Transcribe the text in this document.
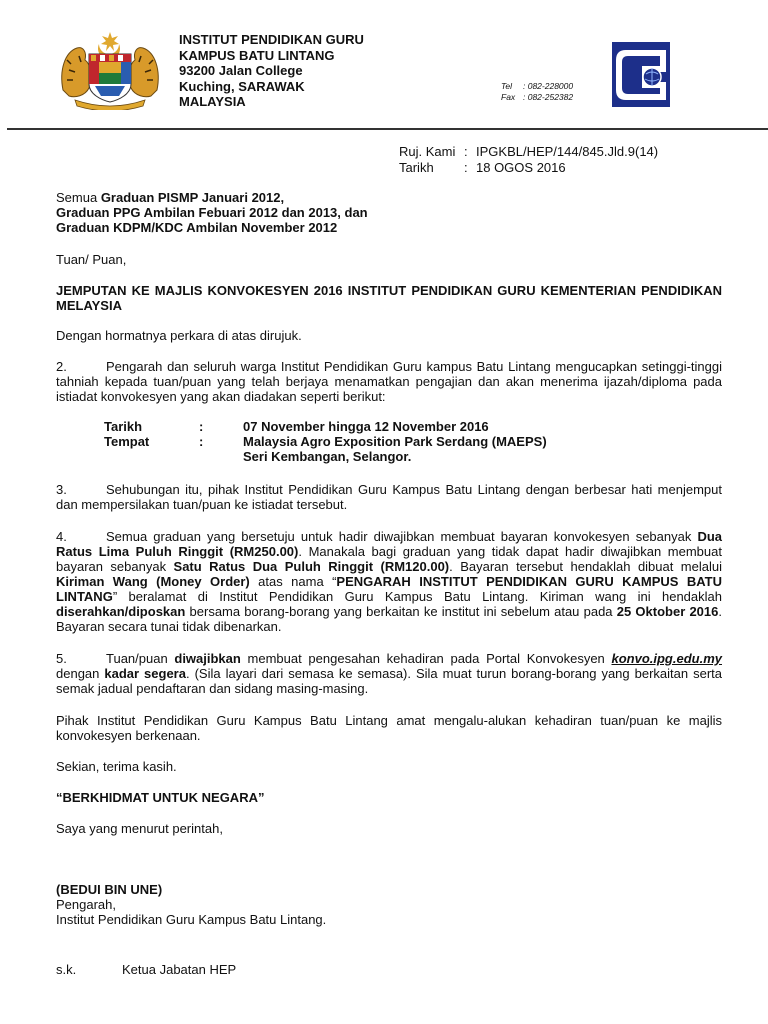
INSTITUT PENDIDIKAN GURU
KAMPUS BATU LINTANG
93200 Jalan College
Kuching, SARAWAK
MALAYSIA
Tel : 082-228000
Fax : 082-252382
Ruj. Kami : IPGKBL/HEP/144/845.Jld.9(14)
Tarikh : 18 OGOS 2016
Semua Graduan PISMP Januari 2012,
Graduan PPG Ambilan Febuari 2012 dan 2013, dan
Graduan KDPM/KDC Ambilan November 2012
Tuan/ Puan,
JEMPUTAN KE MAJLIS KONVOKESYEN 2016 INSTITUT PENDIDIKAN GURU KEMENTERIAN PENDIDIKAN MELAYSIA
Dengan hormatnya perkara di atas dirujuk.
2.	Pengarah dan seluruh warga Institut Pendidikan Guru kampus Batu Lintang mengucapkan setinggi-tinggi tahniah kepada tuan/puan yang telah berjaya menamatkan pengajian dan akan menerima ijazah/diploma pada istiadat konvokesyen yang akan diadakan seperti berikut:
Tarikh	:	07 November hingga 12 November 2016
Tempat	:	Malaysia Agro Exposition Park Serdang (MAEPS)
Seri Kembangan, Selangor.
3.	Sehubungan itu, pihak Institut Pendidikan Guru Kampus Batu Lintang dengan berbesar hati menjemput dan mempersilakan tuan/puan ke istiadat tersebut.
4.	Semua graduan yang bersetuju untuk hadir diwajibkan membuat bayaran konvokesyen sebanyak Dua Ratus Lima Puluh Ringgit (RM250.00). Manakala bagi graduan yang tidak dapat hadir diwajibkan membuat bayaran sebanyak Satu Ratus Dua Puluh Ringgit (RM120.00). Bayaran tersebut hendaklah dibuat melalui Kiriman Wang (Money Order) atas nama “PENGARAH INSTITUT PENDIDIKAN GURU KAMPUS BATU LINTANG” beralamat di Institut Pendidikan Guru Kampus Batu Lintang. Kiriman wang ini hendaklah diserahkan/diposkan bersama borang-borang yang berkaitan ke institut ini sebelum atau pada 25 Oktober 2016. Bayaran secara tunai tidak dibenarkan.
5.	Tuan/puan diwajibkan membuat pengesahan kehadiran pada Portal Konvokesyen konvo.ipg.edu.my dengan kadar segera. (Sila layari dari semasa ke semasa). Sila muat turun borang-borang yang berkaitan serta semak jadual pendaftaran dan sidang masing-masing.
Pihak Institut Pendidikan Guru Kampus Batu Lintang amat mengalu-alukan kehadiran tuan/puan ke majlis konvokesyen berkenaan.
Sekian, terima kasih.
“BERKHIDMAT UNTUK NEGARA”
Saya yang menurut perintah,
(BEDUI BIN UNE)
Pengarah,
Institut Pendidikan Guru Kampus Batu Lintang.
s.k.	Ketua Jabatan HEP
